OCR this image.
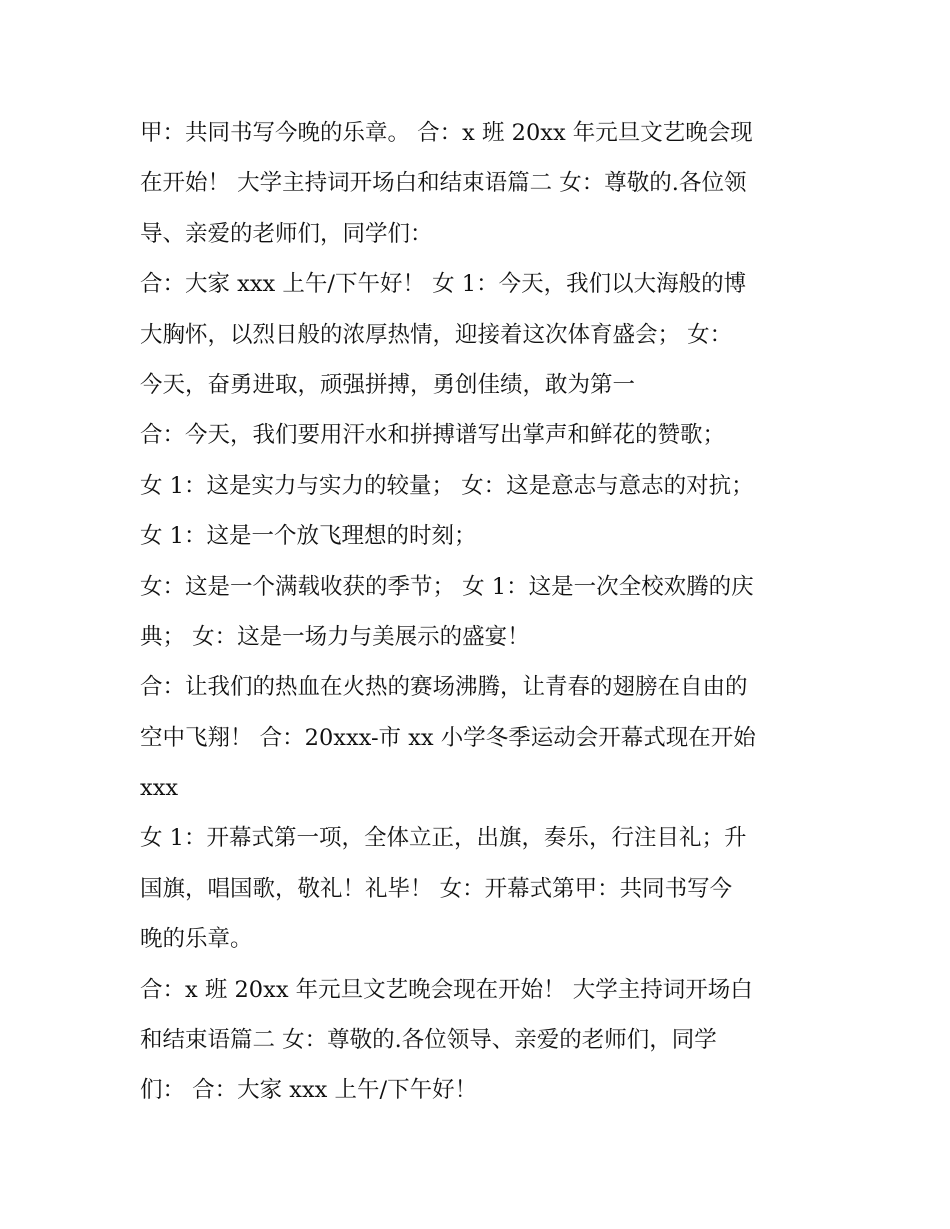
甲：共同书写今晚的乐章。 合：x 班 20xx 年元旦文艺晚会现
在开始！ 大学主持词开场白和结束语篇二 女：尊敬的.各位领
导、亲爱的老师们，同学们：
合：大家 xxx 上午/下午好！ 女 1：今天，我们以大海般的博
大胸怀，以烈日般的浓厚热情，迎接着这次体育盛会； 女：
今天，奋勇进取，顽强拼搏，勇创佳绩，敢为第一
合：今天，我们要用汗水和拼搏谱写出掌声和鲜花的赞歌；
女 1：这是实力与实力的较量； 女：这是意志与意志的对抗；
女 1：这是一个放飞理想的时刻；
女：这是一个满载收获的季节； 女 1：这是一次全校欢腾的庆
典； 女：这是一场力与美展示的盛宴！
合：让我们的热血在火热的赛场沸腾，让青春的翅膀在自由的
空中飞翔！ 合：20xxx-市 xx 小学冬季运动会开幕式现在开始
xxx
女 1：开幕式第一项，全体立正，出旗，奏乐，行注目礼；升
国旗，唱国歌，敬礼！礼毕！ 女：开幕式第甲：共同书写今
晚的乐章。
合：x 班 20xx 年元旦文艺晚会现在开始！ 大学主持词开场白
和结束语篇二 女：尊敬的.各位领导、亲爱的老师们，同学
们： 合：大家 xxx 上午/下午好！
